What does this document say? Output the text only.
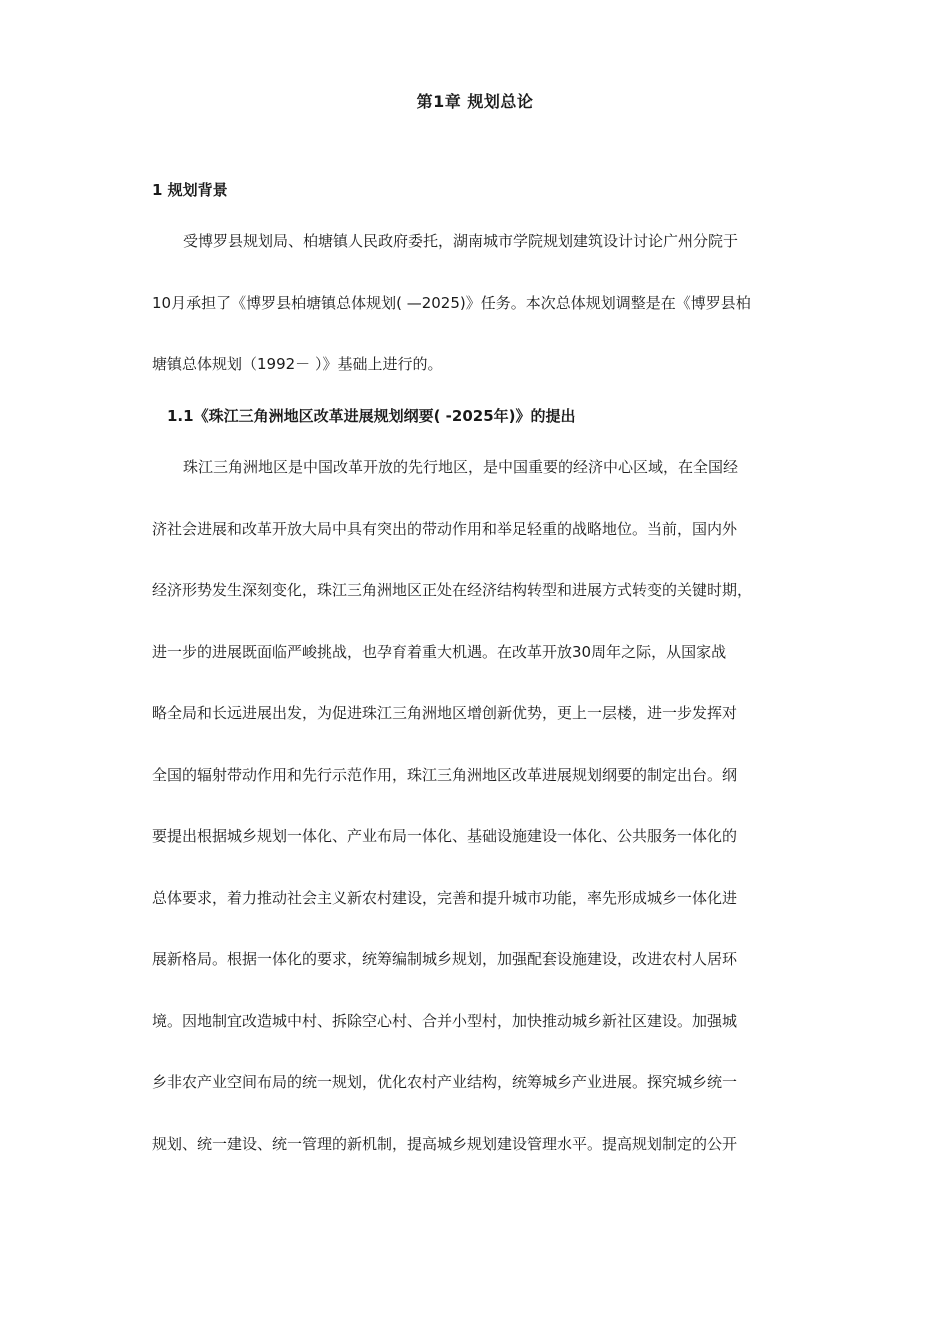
第1章 规划总论
1 规划背景

受博罗县规划局、柏塘镇人民政府委托，湖南城市学院规划建筑设计讨论广州分院于
10月承担了《博罗县柏塘镇总体规划( —2025)》任务。本次总体规划调整是在《博罗县柏
塘镇总体规划（1992－ ）》基础上进行的。

1.1《珠江三角洲地区改革进展规划纲要( -2025年)》的提出

珠江三角洲地区是中国改革开放的先行地区，是中国重要的经济中心区域，在全国经
济社会进展和改革开放大局中具有突出的带动作用和举足轻重的战略地位。当前，国内外
经济形势发生深刻变化，珠江三角洲地区正处在经济结构转型和进展方式转变的关键时期，
进一步的进展既面临严峻挑战，也孕育着重大机遇。在改革开放30周年之际，从国家战
略全局和长远进展出发，为促进珠江三角洲地区增创新优势，更上一层楼，进一步发挥对
全国的辐射带动作用和先行示范作用，珠江三角洲地区改革进展规划纲要的制定出台。纲
要提出根据城乡规划一体化、产业布局一体化、基础设施建设一体化、公共服务一体化的
总体要求，着力推动社会主义新农村建设，完善和提升城市功能，率先形成城乡一体化进
展新格局。根据一体化的要求，统筹编制城乡规划，加强配套设施建设，改进农村人居环
境。因地制宜改造城中村、拆除空心村、合并小型村，加快推动城乡新社区建设。加强城
乡非农产业空间布局的统一规划，优化农村产业结构，统筹城乡产业进展。探究城乡统一
规划、统一建设、统一管理的新机制，提高城乡规划建设管理水平。提高规划制定的公开
